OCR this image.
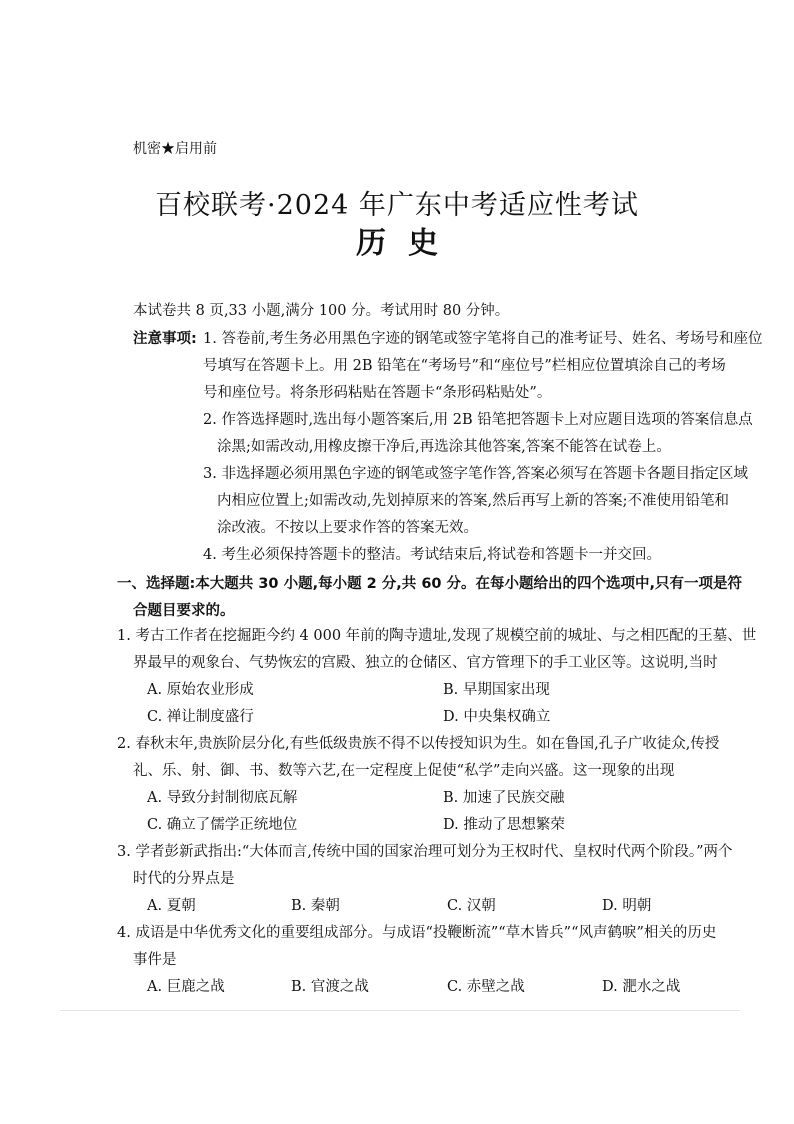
机密★启用前
百校联考·2024 年广东中考适应性考试
历史
本试卷共 8 页,33 小题,满分 100 分。考试用时 80 分钟。
注意事项: 1. 答卷前,考生务必用黑色字迹的钢笔或签字笔将自己的准考证号、姓名、考场号和座位
号填写在答题卡上。用 2B 铅笔在“考场号”和“座位号”栏相应位置填涂自己的考场
号和座位号。将条形码粘贴在答题卡“条形码粘贴处”。
2. 作答选择题时,选出每小题答案后,用 2B 铅笔把答题卡上对应题目选项的答案信息点
涂黑;如需改动,用橡皮擦干净后,再选涂其他答案,答案不能答在试卷上。
3. 非选择题必须用黑色字迹的钢笔或签字笔作答,答案必须写在答题卡各题目指定区域
内相应位置上;如需改动,先划掉原来的答案,然后再写上新的答案;不准使用铅笔和
涂改液。不按以上要求作答的答案无效。
4. 考生必须保持答题卡的整洁。考试结束后,将试卷和答题卡一并交回。
一、选择题:本大题共 30 小题,每小题 2 分,共 60 分。在每小题给出的四个选项中,只有一项是符
合题目要求的。
1. 考古工作者在挖掘距今约 4 000 年前的陶寺遗址,发现了规模空前的城址、与之相匹配的王墓、世
界最早的观象台、气势恢宏的宫殿、独立的仓储区、官方管理下的手工业区等。这说明,当时
A. 原始农业形成	B. 早期国家出现
C. 禅让制度盛行	D. 中央集权确立
2. 春秋末年,贵族阶层分化,有些低级贵族不得不以传授知识为生。如在鲁国,孔子广收徒众,传授
礼、乐、射、御、书、数等六艺,在一定程度上促使“私学”走向兴盛。这一现象的出现
A. 导致分封制彻底瓦解	B. 加速了民族交融
C. 确立了儒学正统地位	D. 推动了思想繁荣
3. 学者彭新武指出:“大体而言,传统中国的国家治理可划分为王权时代、皇权时代两个阶段。”两个
时代的分界点是
A. 夏朝	B. 秦朝	C. 汉朝	D. 明朝
4. 成语是中华优秀文化的重要组成部分。与成语“投鞭断流”“草木皆兵”“风声鹤唳”相关的历史
事件是
A. 巨鹿之战	B. 官渡之战	C. 赤壁之战	D. 淝水之战
